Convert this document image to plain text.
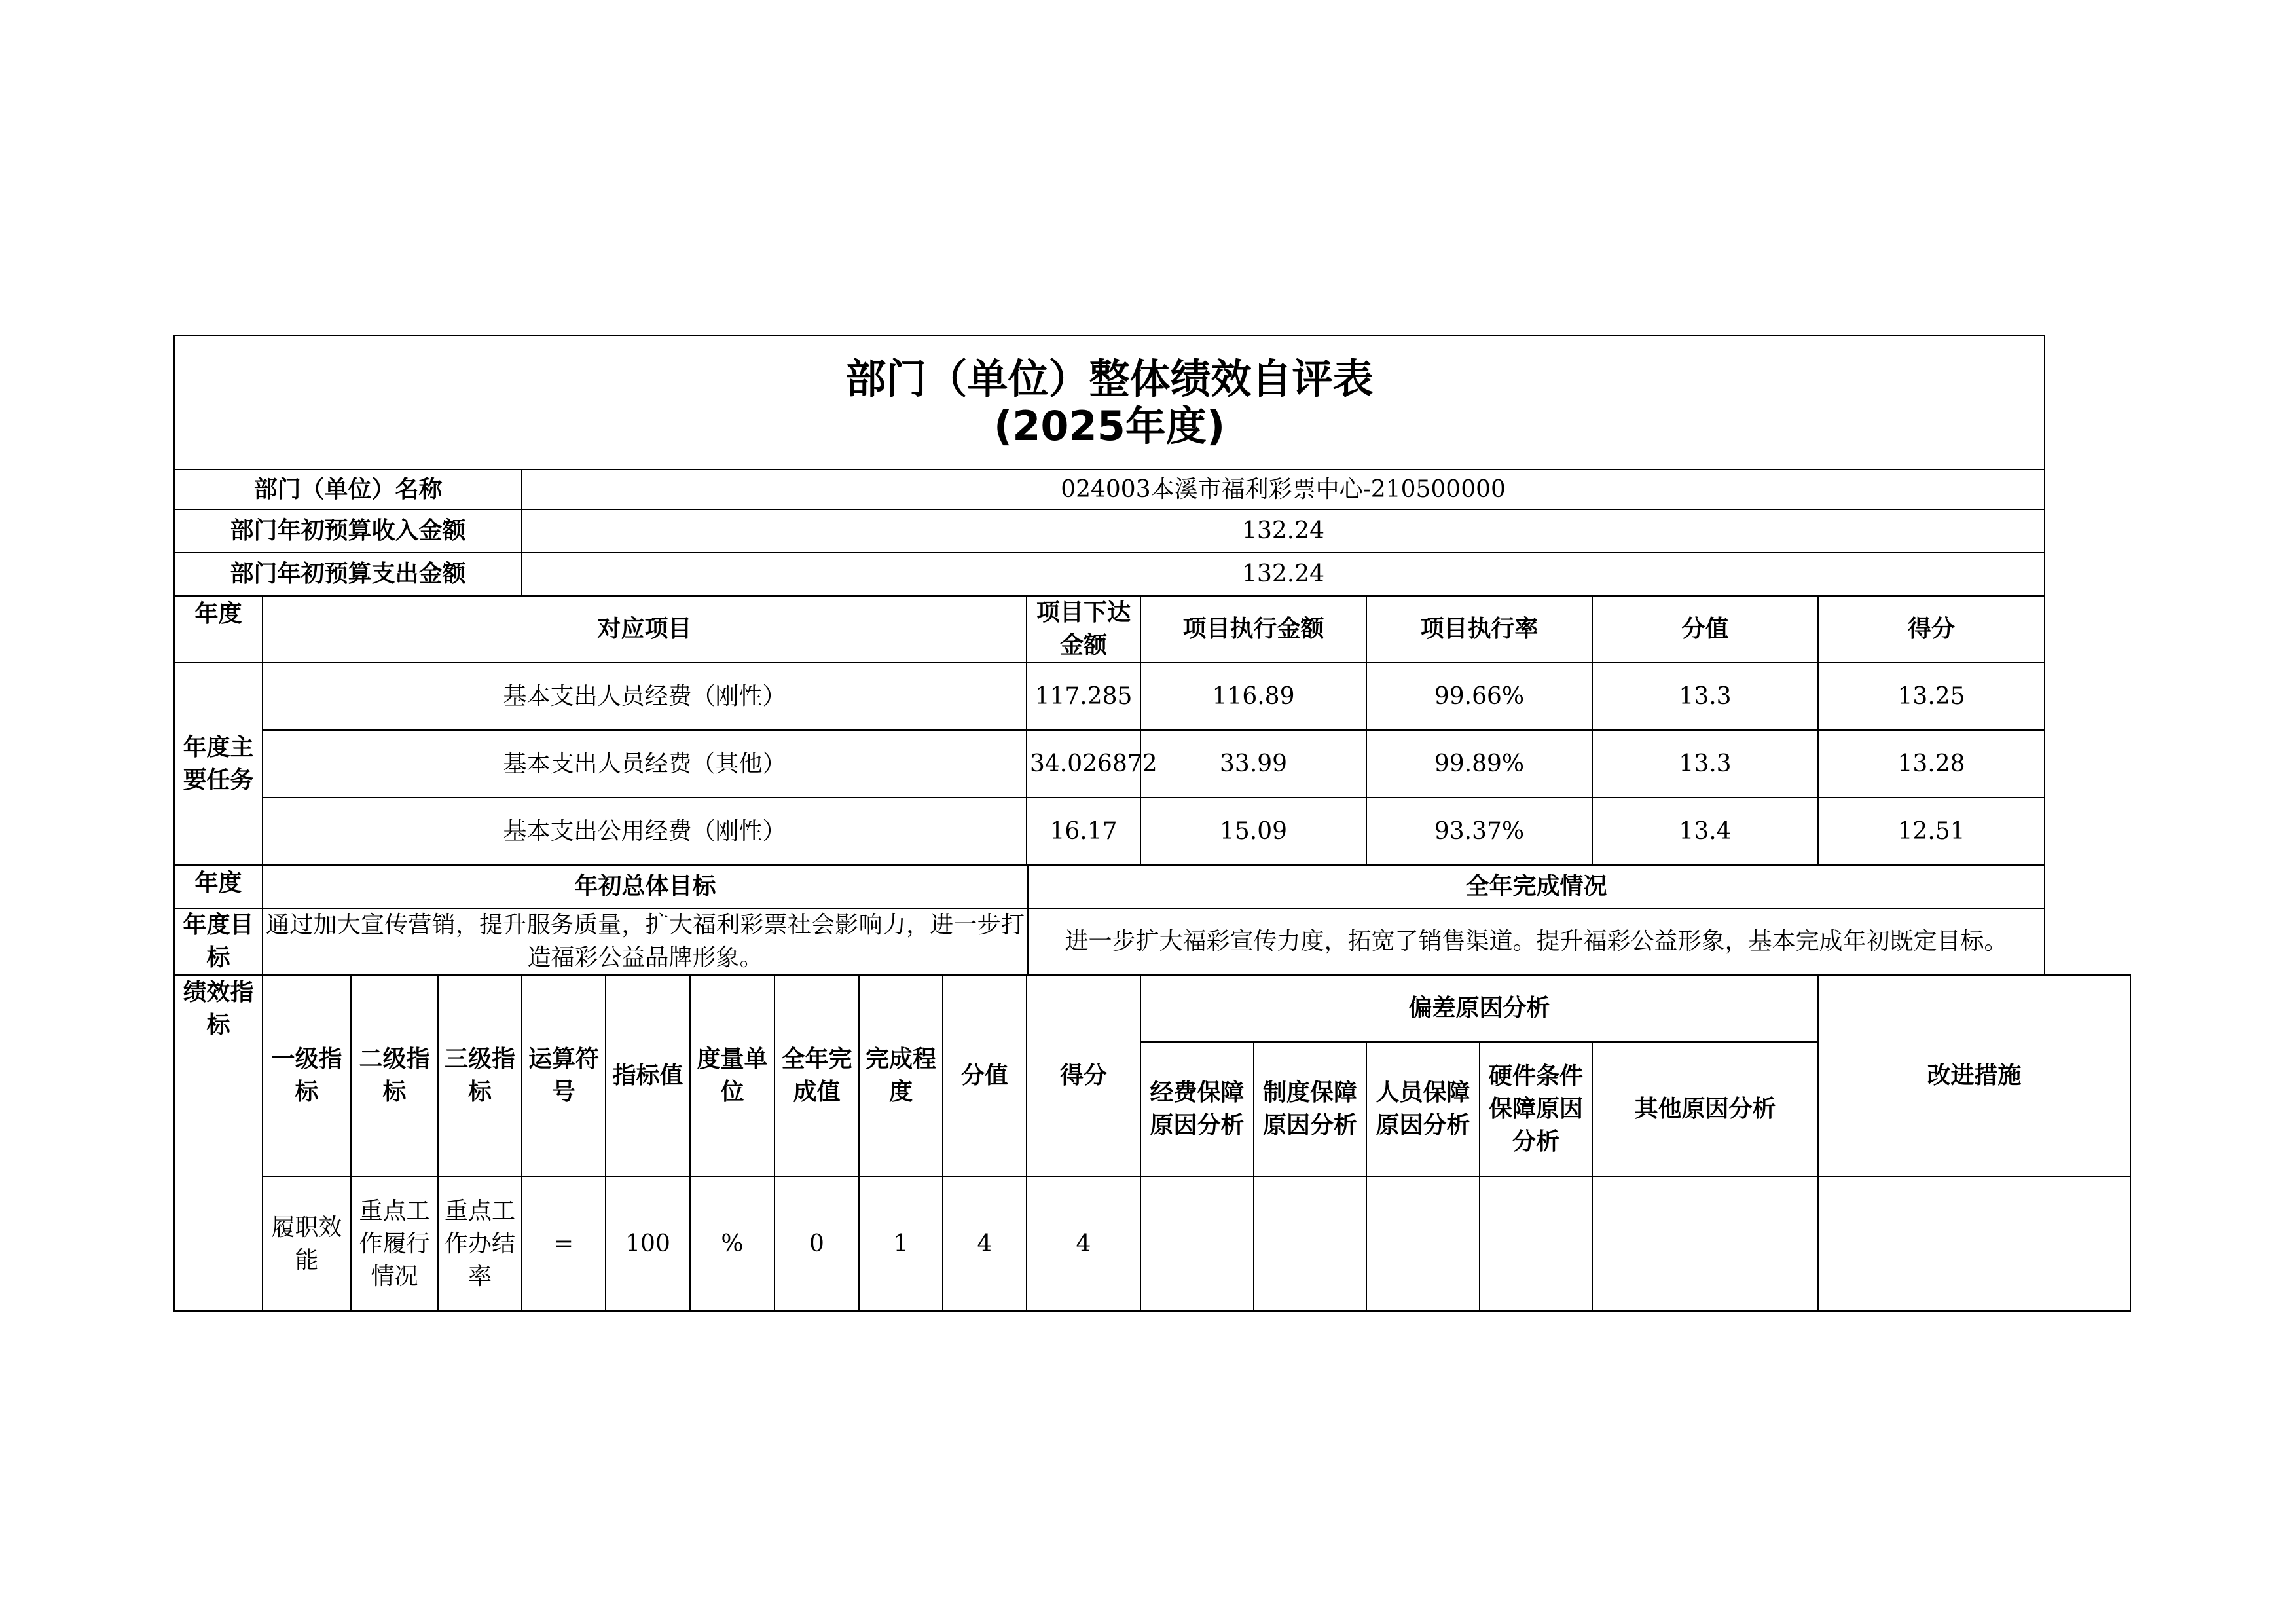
部门（单位）整体绩效自评表
(2025年度)																	

部门（单位）名称				024003本溪市福利彩票中心-210500000													
部门年初预算收入金额				132.24													
部门年初预算支出金额				132.24													
年度	对应项目									项目下达金额		项目执行金额		项目执行率		分值	得分
年度主要任务	基本支出人员经费（刚性）									117.285		116.89		99.66%		13.3	13.25
	基本支出人员经费（其他）									34.026872		33.99		99.89%		13.3	13.28
	基本支出公用经费（刚性）									16.17		15.09		93.37%		13.4	12.51
年度	年初总体目标										全年完成情况						
年度目标	通过加大宣传营销，提升服务质量，扩大福利彩票社会影响力，进一步打造福彩公益品牌形象。										进一步扩大福彩宣传力度，拓宽了销售渠道。提升福彩公益形象，基本完成年初既定目标。						
绩效指标	一级指标	二级指标	三级指标	运算符号	指标值	度量单位	全年完成值	完成程度	分值	得分		偏差原因分析					改进措施
												经费保障原因分析	制度保障原因分析	人员保障原因分析	硬件条件保障原因分析	其他原因分析	
	履职效能	重点工作履行情况	重点工作办结率	=	100	%	0	1	4	4							
